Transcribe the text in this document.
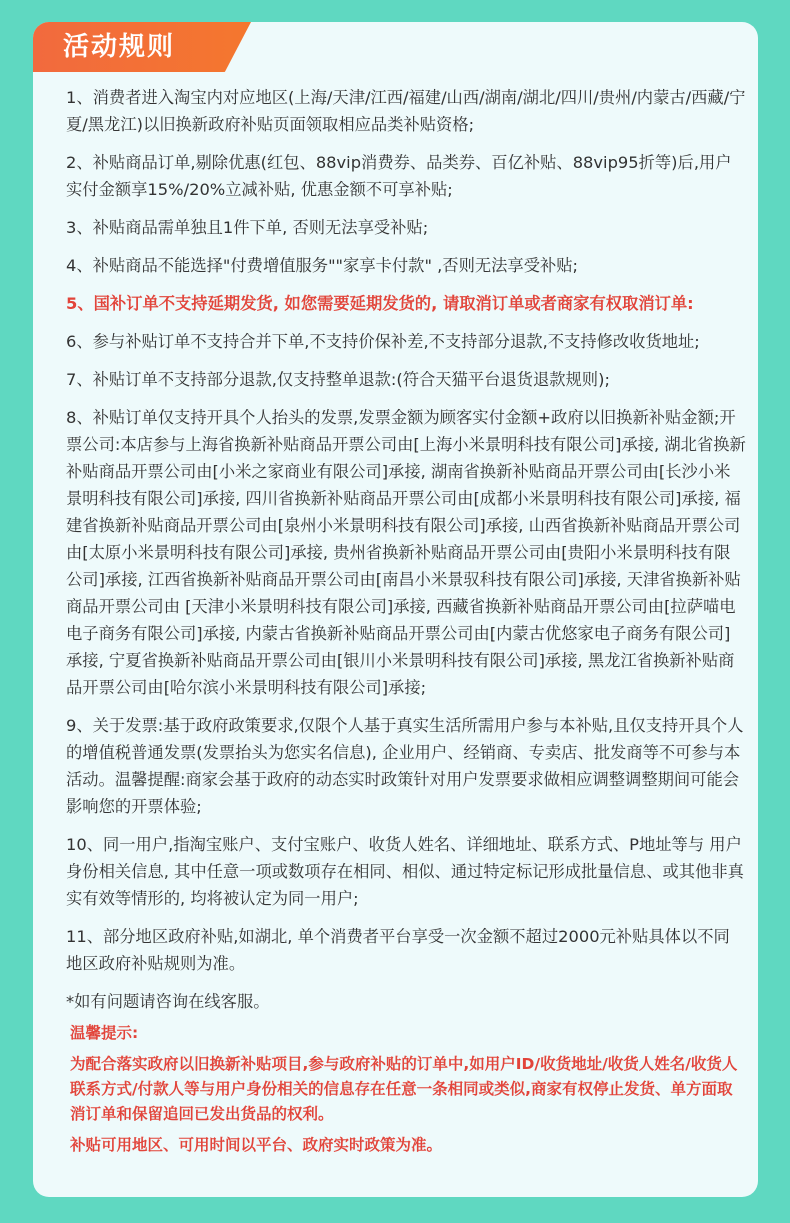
活动规则

1、消费者进入淘宝内对应地区(上海/天津/江西/福建/山西/湖南/湖北/四川/贵州/内蒙古/西藏/宁夏/黑龙江)以旧换新政府补贴页面领取相应品类补贴资格;

2、补贴商品订单,剔除优惠(红包、88vip消费券、品类券、百亿补贴、88vip95折等)后,用户实付金额享15%/20%立减补贴, 优惠金额不可享补贴;

3、补贴商品需单独且1件下单, 否则无法享受补贴;

4、补贴商品不能选择"付费增值服务""家享卡付款" ,否则无法享受补贴;

5、国补订单不支持延期发货, 如您需要延期发货的, 请取消订单或者商家有权取消订单:

6、参与补贴订单不支持合并下单,不支持价保补差,不支持部分退款,不支持修改收货地址;

7、补贴订单不支持部分退款,仅支持整单退款:(符合天猫平台退货退款规则);

8、补贴订单仅支持开具个人抬头的发票,发票金额为顾客实付金额+政府以旧换新补贴金额;开票公司:本店参与上海省换新补贴商品开票公司由[上海小米景明科技有限公司]承接, 湖北省换新补贴商品开票公司由[小米之家商业有限公司]承接, 湖南省换新补贴商品开票公司由[长沙小米景明科技有限公司]承接, 四川省换新补贴商品开票公司由[成都小米景明科技有限公司]承接, 福建省换新补贴商品开票公司由[泉州小米景明科技有限公司]承接, 山西省换新补贴商品开票公司由[太原小米景明科技有限公司]承接, 贵州省换新补贴商品开票公司由[贵阳小米景明科技有限公司]承接, 江西省换新补贴商品开票公司由[南昌小米景驭科技有限公司]承接, 天津省换新补贴商品开票公司由 [天津小米景明科技有限公司]承接, 西藏省换新补贴商品开票公司由[拉萨喵电电子商务有限公司]承接, 内蒙古省换新补贴商品开票公司由[内蒙古优悠家电子商务有限公司]承接, 宁夏省换新补贴商品开票公司由[银川小米景明科技有限公司]承接, 黑龙江省换新补贴商品开票公司由[哈尔滨小米景明科技有限公司]承接;

9、关于发票:基于政府政策要求,仅限个人基于真实生活所需用户参与本补贴,且仅支持开具个人的增值税普通发票(发票抬头为您实名信息), 企业用户、经销商、专卖店、批发商等不可参与本活动。温馨提醒:商家会基于政府的动态实时政策针对用户发票要求做相应调整调整期间可能会影响您的开票体验;

10、同一用户,指淘宝账户、支付宝账户、收货人姓名、详细地址、联系方式、P地址等与 用户身份相关信息, 其中任意一项或数项存在相同、相似、通过特定标记形成批量信息、或其他非真实有效等情形的, 均将被认定为同一用户;

11、部分地区政府补贴,如湖北, 单个消费者平台享受一次金额不超过2000元补贴具体以不同地区政府补贴规则为准。

*如有问题请咨询在线客服。

温馨提示:

为配合落实政府以旧换新补贴项目,参与政府补贴的订单中,如用户ID/收货地址/收货人姓名/收货人联系方式/付款人等与用户身份相关的信息存在任意一条相同或类似,商家有权停止发货、单方面取消订单和保留追回已发出货品的权利。

补贴可用地区、可用时间以平台、政府实时政策为准。
